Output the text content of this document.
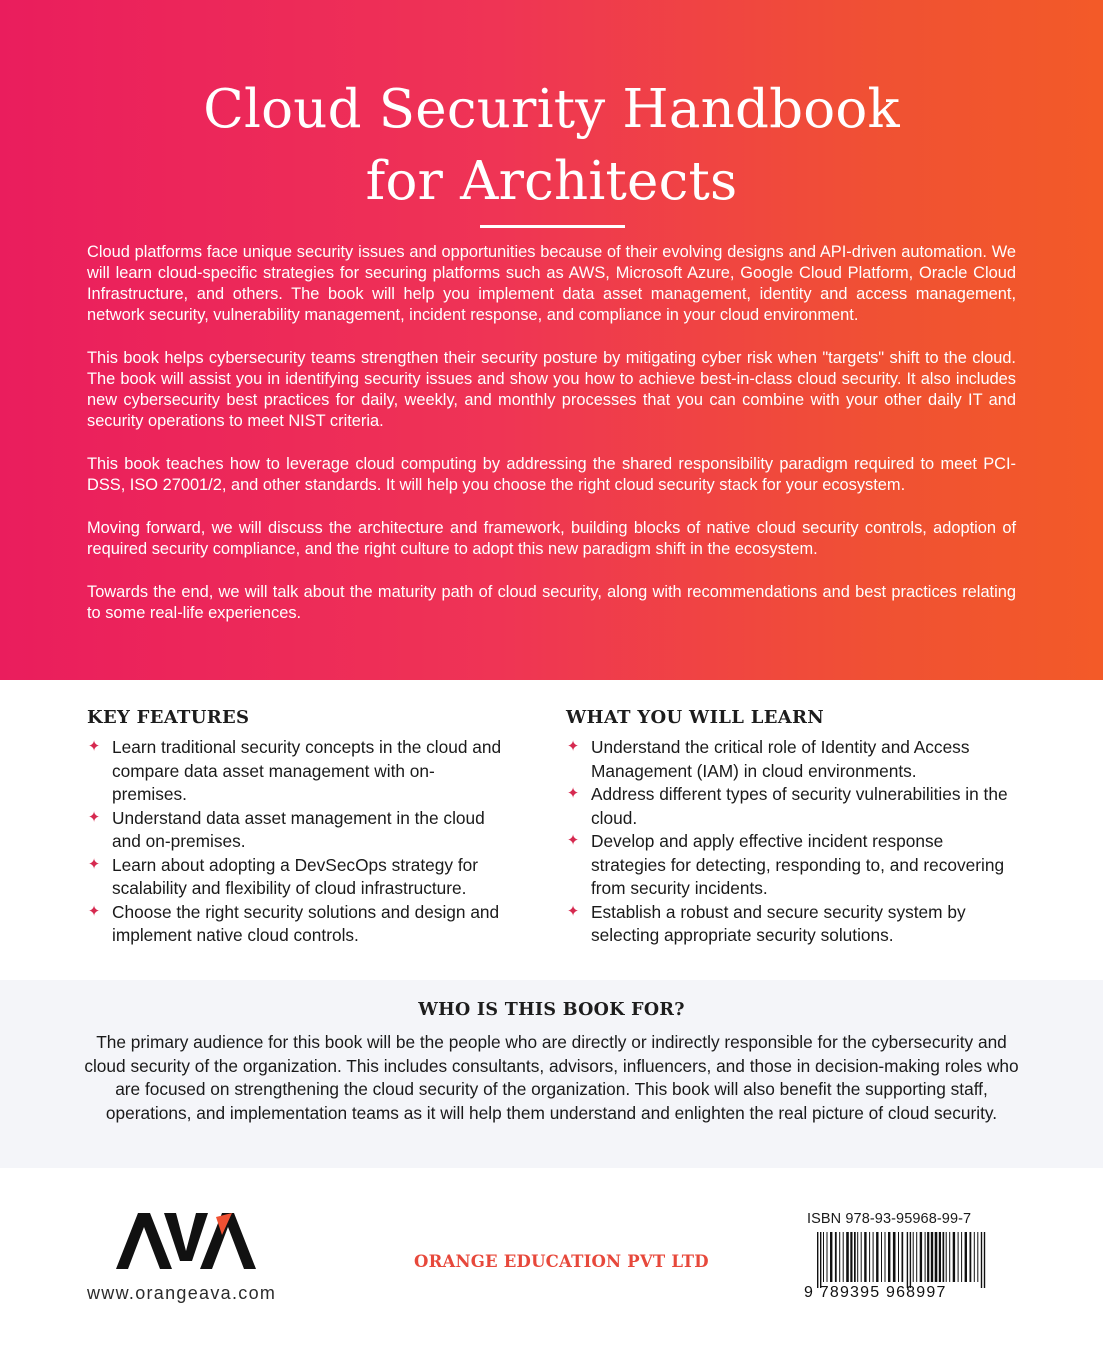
Cloud Security Handbook
for Architects

Cloud platforms face unique security issues and opportunities because of their evolving designs and API-driven automation. We will learn cloud-specific strategies for securing platforms such as AWS, Microsoft Azure, Google Cloud Platform, Oracle Cloud Infrastructure, and others. The book will help you implement data asset management, identity and access management, network security, vulnerability management, incident response, and compliance in your cloud environment.

This book helps cybersecurity teams strengthen their security posture by mitigating cyber risk when "targets" shift to the cloud. The book will assist you in identifying security issues and show you how to achieve best-in-class cloud security. It also includes new cybersecurity best practices for daily, weekly, and monthly processes that you can combine with your other daily IT and security operations to meet NIST criteria.

This book teaches how to leverage cloud computing by addressing the shared responsibility paradigm required to meet PCI-DSS, ISO 27001/2, and other standards. It will help you choose the right cloud security stack for your ecosystem.

Moving forward, we will discuss the architecture and framework, building blocks of native cloud security controls, adoption of required security compliance, and the right culture to adopt this new paradigm shift in the ecosystem.

Towards the end, we will talk about the maturity path of cloud security, along with recommendations and best practices relating to some real-life experiences.

KEY FEATURES
✦ Learn traditional security concepts in the cloud and compare data asset management with on-premises.
✦ Understand data asset management in the cloud and on-premises.
✦ Learn about adopting a DevSecOps strategy for scalability and flexibility of cloud infrastructure.
✦ Choose the right security solutions and design and implement native cloud controls.
WHAT YOU WILL LEARN
✦ Understand the critical role of Identity and Access Management (IAM) in cloud environments.
✦ Address different types of security vulnerabilities in the cloud.
✦ Develop and apply effective incident response strategies for detecting, responding to, and recovering from security incidents.
✦ Establish a robust and secure security system by selecting appropriate security solutions.
WHO IS THIS BOOK FOR?

The primary audience for this book will be the people who are directly or indirectly responsible for the cybersecurity and cloud security of the organization. This includes consultants, advisors, influencers, and those in decision-making roles who are focused on strengthening the cloud security of the organization. This book will also benefit the supporting staff, operations, and implementation teams as it will help them understand and enlighten the real picture of cloud security.

www.orangeava.com

ORANGE EDUCATION PVT LTD

ISBN 978-93-95968-99-7

9 789395 968997
